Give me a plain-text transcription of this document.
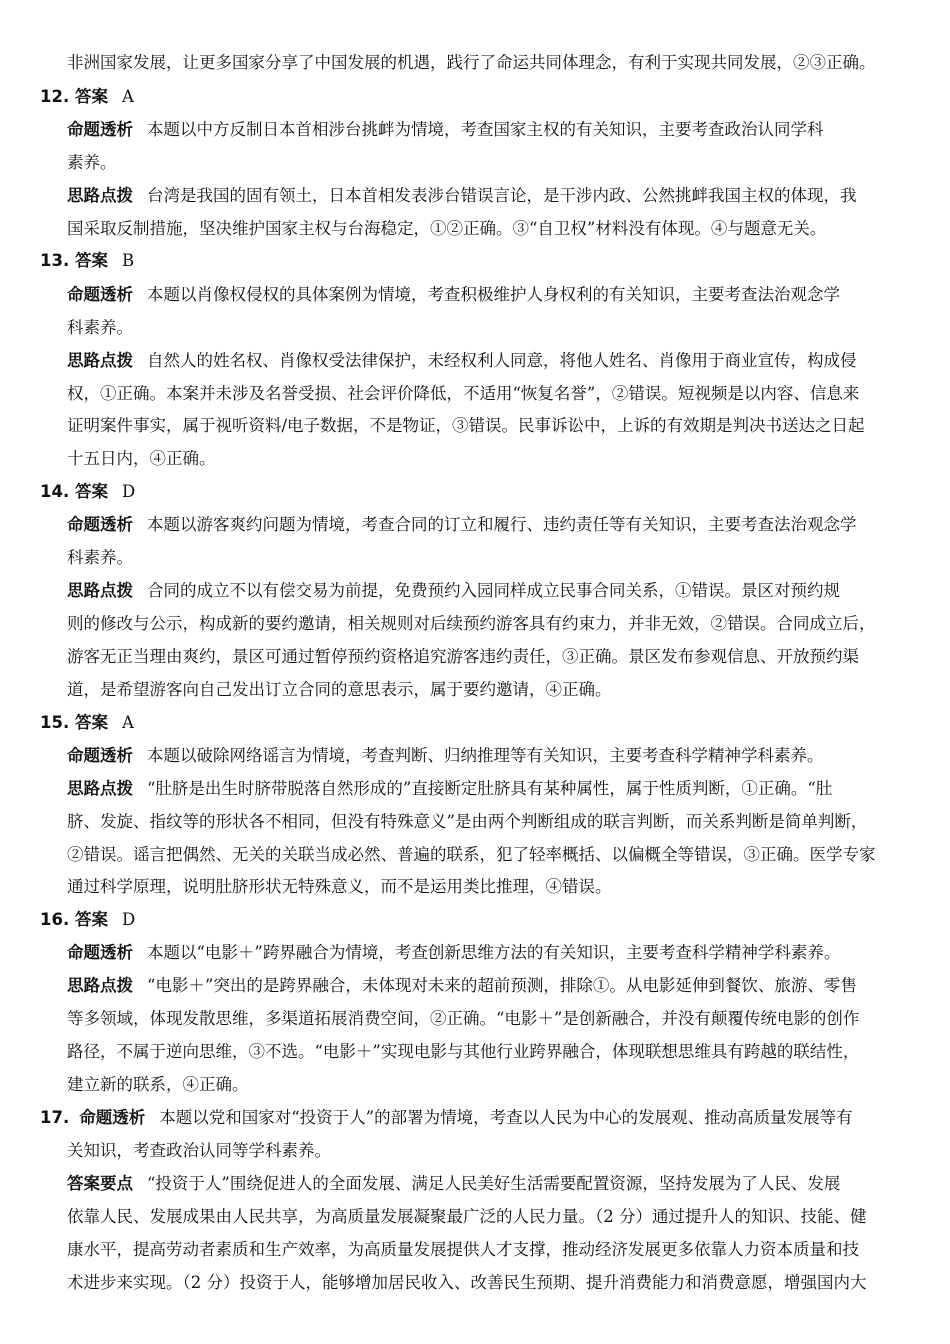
非洲国家发展，让更多国家分享了中国发展的机遇，践行了命运共同体理念，有利于实现共同发展，②③正确。
12. 答案 A
命题透析 本题以中方反制日本首相涉台挑衅为情境，考查国家主权的有关知识，主要考查政治认同学科
素养。
思路点拨 台湾是我国的固有领土，日本首相发表涉台错误言论，是干涉内政、公然挑衅我国主权的体现，我
国采取反制措施，坚决维护国家主权与台海稳定，①②正确。③“自卫权”材料没有体现。④与题意无关。
13. 答案 B
命题透析 本题以肖像权侵权的具体案例为情境，考查积极维护人身权利的有关知识，主要考查法治观念学
科素养。
思路点拨 自然人的姓名权、肖像权受法律保护，未经权利人同意，将他人姓名、肖像用于商业宣传，构成侵
权，①正确。本案并未涉及名誉受损、社会评价降低，不适用“恢复名誉”，②错误。短视频是以内容、信息来
证明案件事实，属于视听资料/电子数据，不是物证，③错误。民事诉讼中，上诉的有效期是判决书送达之日起
十五日内，④正确。
14. 答案 D
命题透析 本题以游客爽约问题为情境，考查合同的订立和履行、违约责任等有关知识，主要考查法治观念学
科素养。
思路点拨 合同的成立不以有偿交易为前提，免费预约入园同样成立民事合同关系，①错误。景区对预约规
则的修改与公示，构成新的要约邀请，相关规则对后续预约游客具有约束力，并非无效，②错误。合同成立后，
游客无正当理由爽约，景区可通过暂停预约资格追究游客违约责任，③正确。景区发布参观信息、开放预约渠
道，是希望游客向自己发出订立合同的意思表示，属于要约邀请，④正确。
15. 答案 A
命题透析 本题以破除网络谣言为情境，考查判断、归纳推理等有关知识，主要考查科学精神学科素养。
思路点拨 “肚脐是出生时脐带脱落自然形成的”直接断定肚脐具有某种属性，属于性质判断，①正确。“肚
脐、发旋、指纹等的形状各不相同，但没有特殊意义”是由两个判断组成的联言判断，而关系判断是简单判断，
②错误。谣言把偶然、无关的关联当成必然、普遍的联系，犯了轻率概括、以偏概全等错误，③正确。医学专家
通过科学原理，说明肚脐形状无特殊意义，而不是运用类比推理，④错误。
16. 答案 D
命题透析 本题以“电影＋”跨界融合为情境，考查创新思维方法的有关知识，主要考查科学精神学科素养。
思路点拨 “电影＋”突出的是跨界融合，未体现对未来的超前预测，排除①。从电影延伸到餐饮、旅游、零售
等多领域，体现发散思维，多渠道拓展消费空间，②正确。“电影＋”是创新融合，并没有颠覆传统电影的创作
路径，不属于逆向思维，③不选。“电影＋”实现电影与其他行业跨界融合，体现联想思维具有跨越的联结性，
建立新的联系，④正确。
17. 命题透析 本题以党和国家对“投资于人”的部署为情境，考查以人民为中心的发展观、推动高质量发展等有
关知识，考查政治认同等学科素养。
答案要点 “投资于人”围绕促进人的全面发展、满足人民美好生活需要配置资源，坚持发展为了人民、发展
依靠人民、发展成果由人民共享，为高质量发展凝聚最广泛的人民力量。（2 分）通过提升人的知识、技能、健
康水平，提高劳动者素质和生产效率，为高质量发展提供人才支撑，推动经济发展更多依靠人力资本质量和技
术进步来实现。（2 分）投资于人，能够增加居民收入、改善民生预期、提升消费能力和消费意愿，增强国内大
